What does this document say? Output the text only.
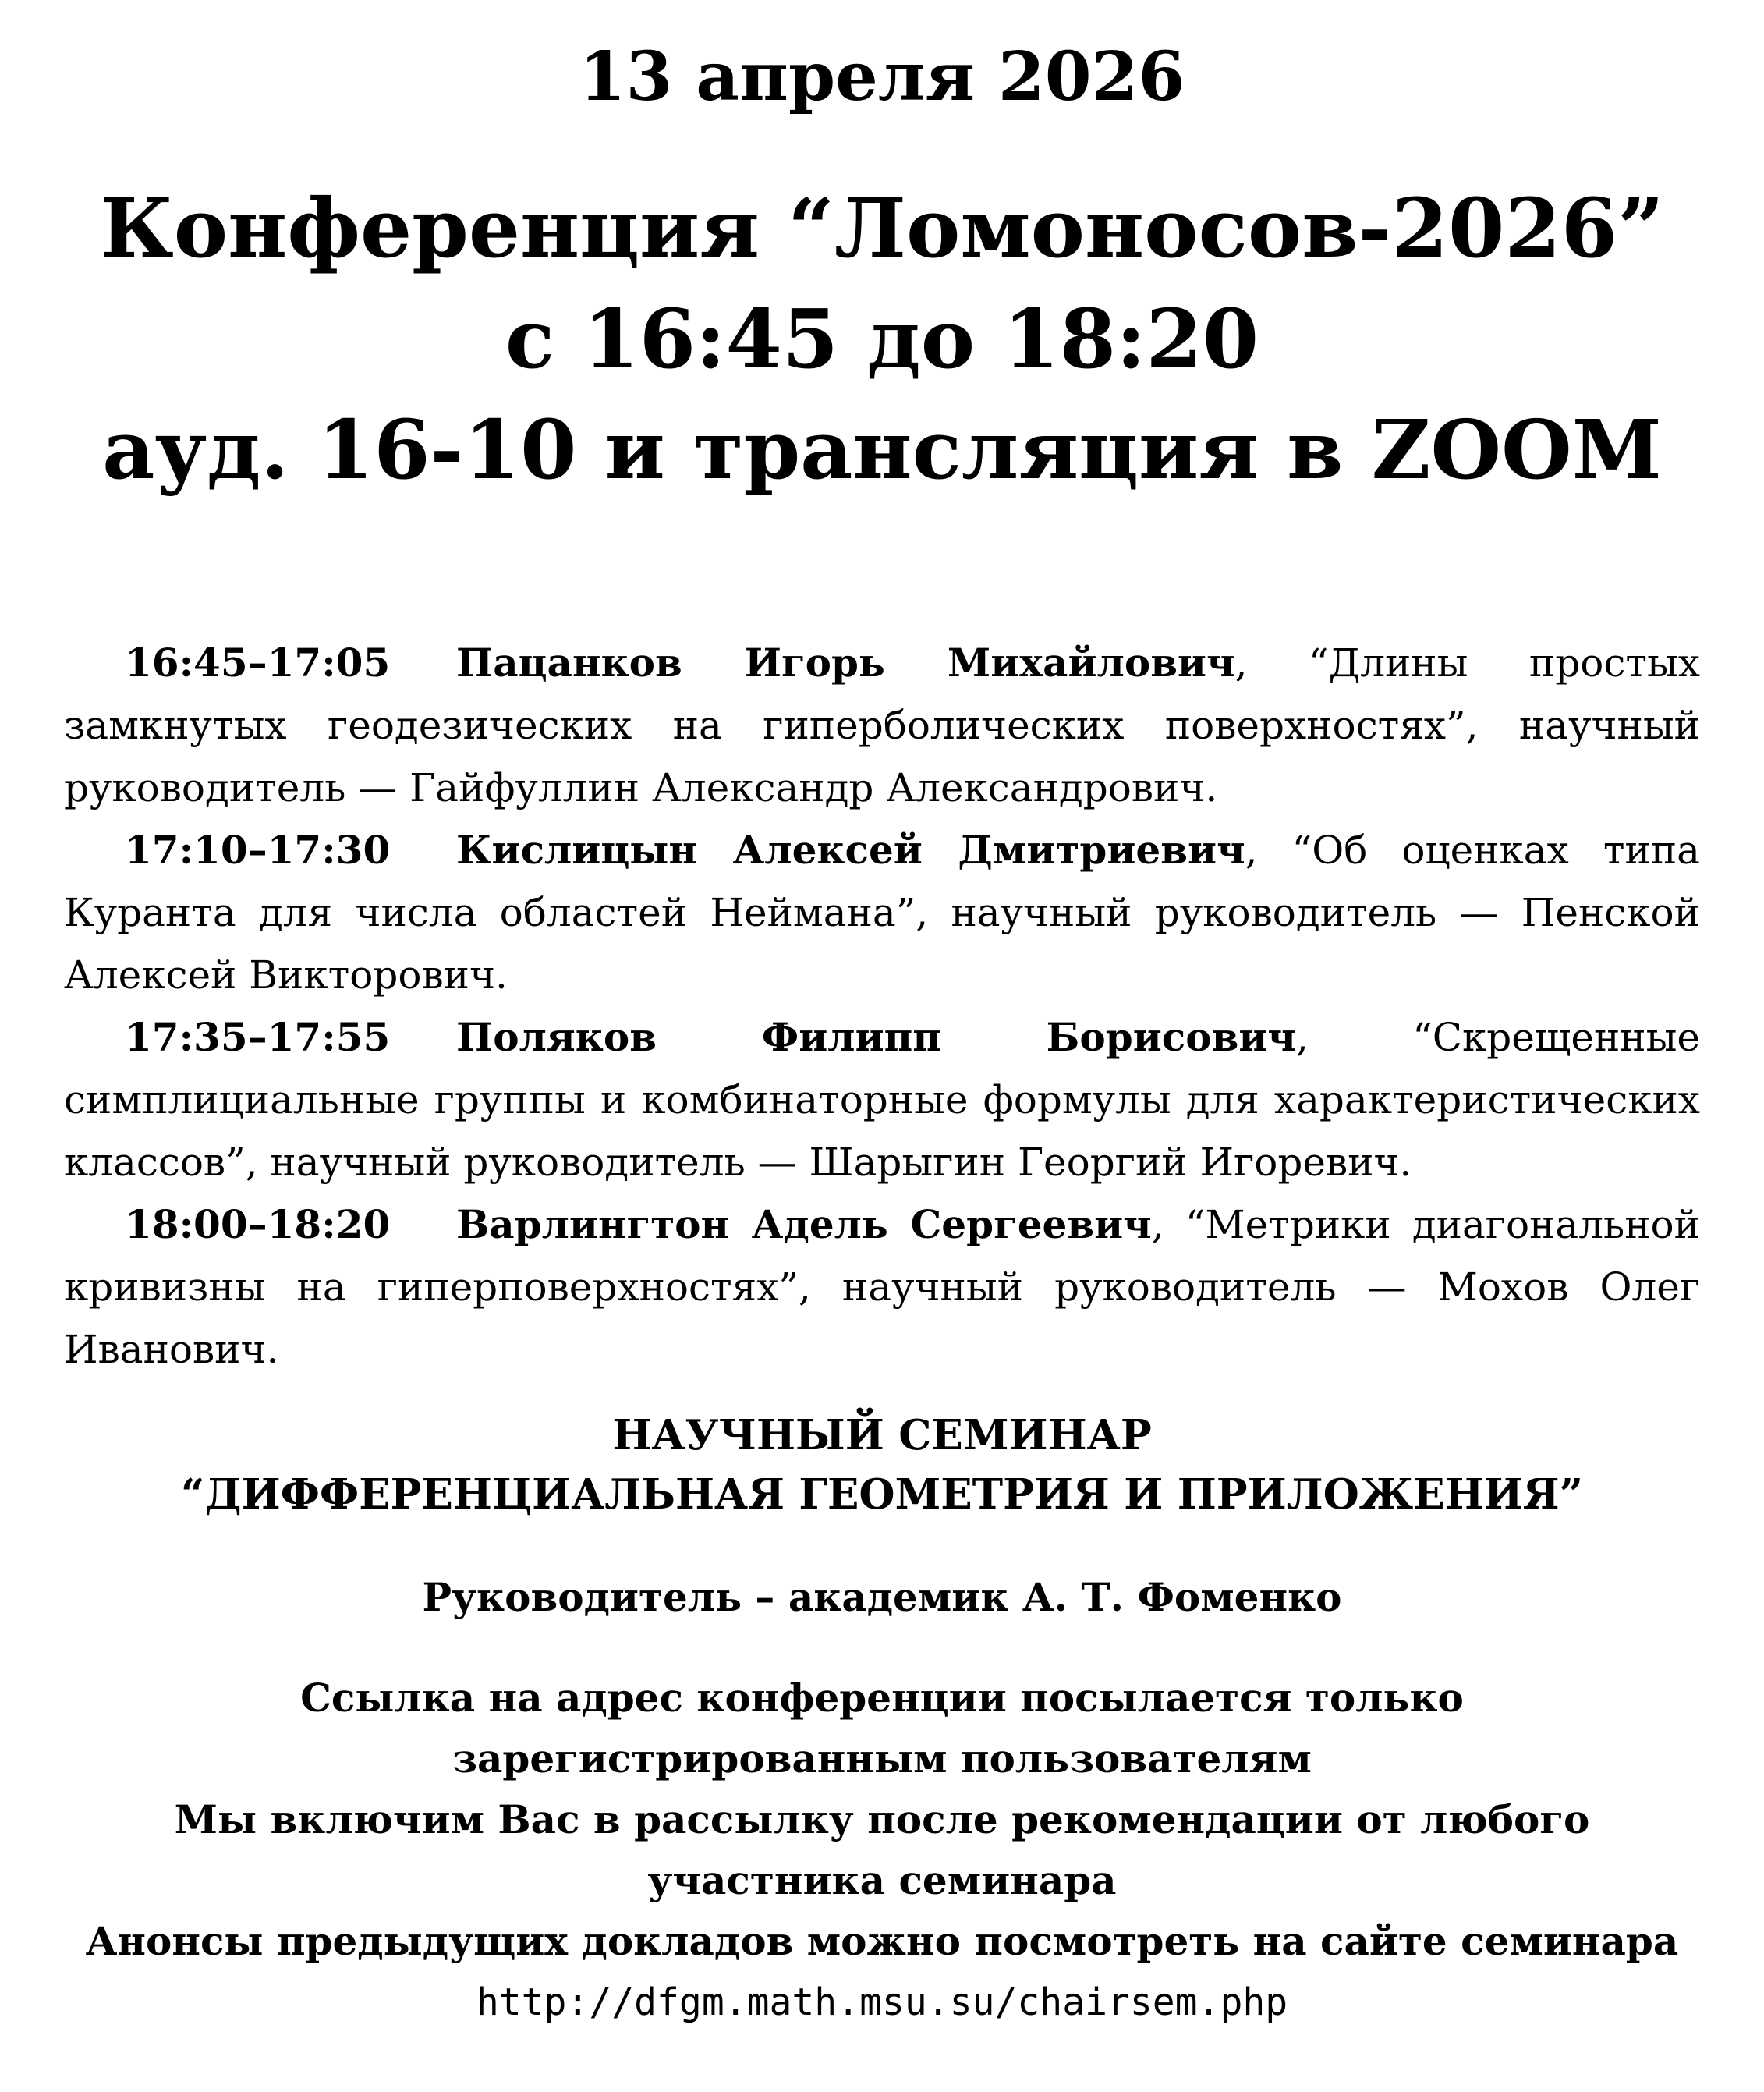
13 апреля 2026
Конференция “Ломоносов-2026”
с 16:45 до 18:20
ауд. 16-10 и трансляция в ZOOM

16:45–17:05 Пацанков Игорь Михайлович, “Длины простых замкнутых геодезических на гиперболических поверхностях”, научный руководитель — Гайфуллин Александр Александрович.

17:10–17:30 Кислицын Алексей Дмитриевич, “Об оценках типа Куранта для числа областей Неймана”, научный руководитель — Пенской Алексей Викторович.

17:35–17:55 Поляков Филипп Борисович, “Скрещенные симплициальные группы и комбинаторные формулы для характеристических классов”, научный руководитель — Шарыгин Георгий Игоревич.

18:00–18:20 Варлингтон Адель Сергеевич, “Метрики диагональной кривизны на гиперповерхностях”, научный руководитель — Мохов Олег Иванович.

НАУЧНЫЙ СЕМИНАР
“ДИФФЕРЕНЦИАЛЬНАЯ ГЕОМЕТРИЯ И ПРИЛОЖЕНИЯ”
Руководитель – академик А. Т. Фоменко
Ссылка на адрес конференции посылается только
зарегистрированным пользователям
Мы включим Вас в рассылку после рекомендации от любого
участника семинара
Анонсы предыдущих докладов можно посмотреть на сайте семинара
http://dfgm.math.msu.su/chairsem.php
